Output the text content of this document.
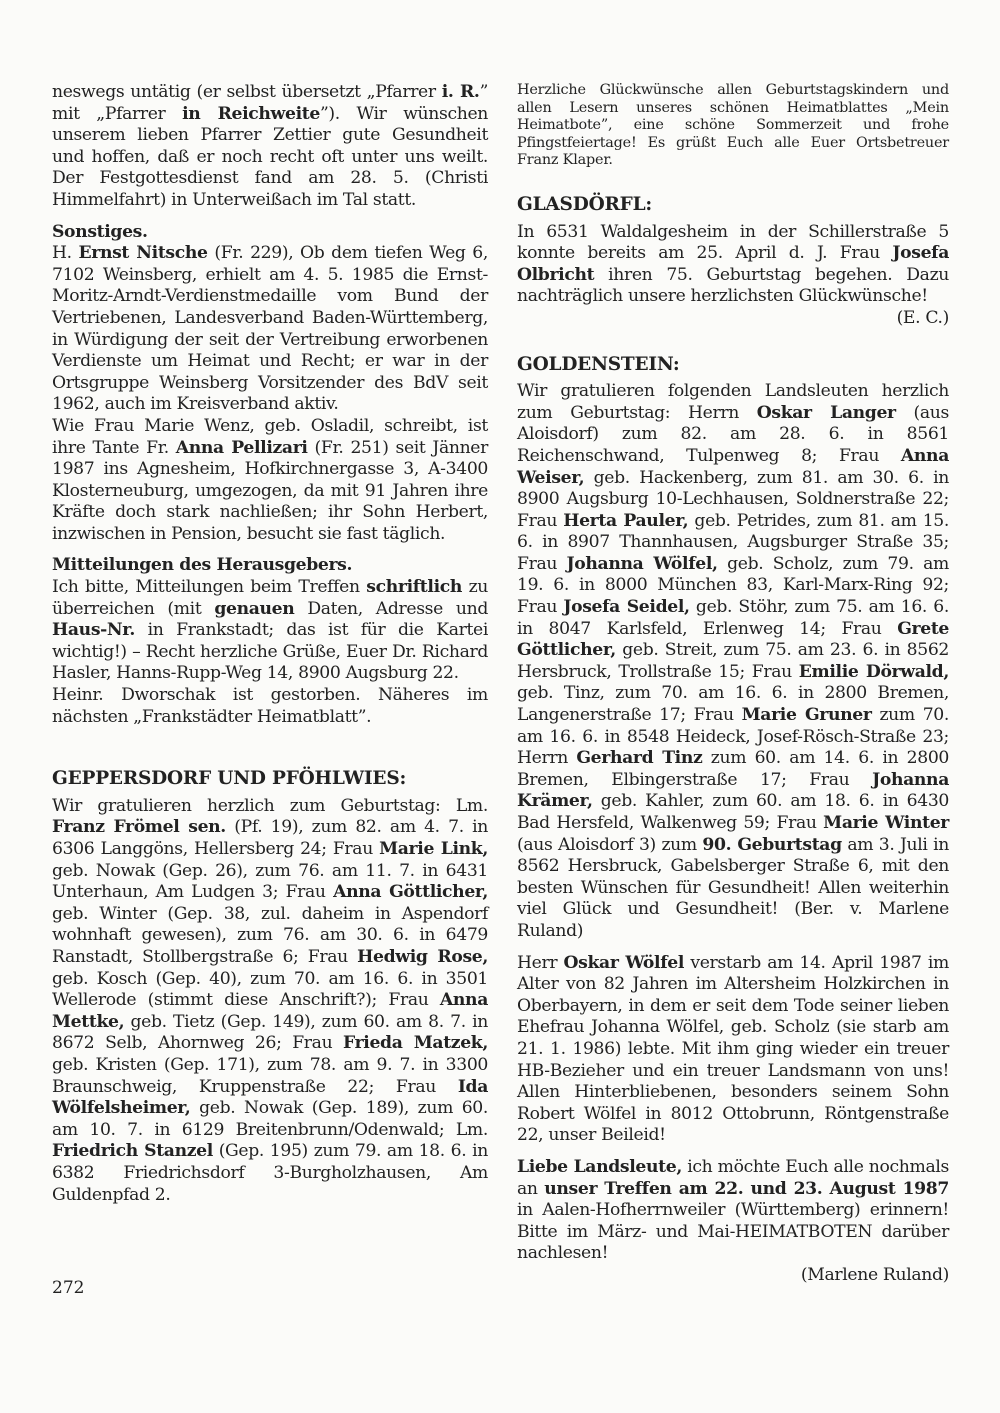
neswegs untätig (er selbst übersetzt „Pfarrer i. R.” mit „Pfarrer in Reichweite”). Wir wünschen unserem lieben Pfarrer Zettier gute Gesundheit und hoffen, daß er noch recht oft unter uns weilt. Der Festgottesdienst fand am 28. 5. (Christi Himmelfahrt) in Unterweißach im Tal statt.

Sonstiges.

H. Ernst Nitsche (Fr. 229), Ob dem tiefen Weg 6, 7102 Weinsberg, erhielt am 4. 5. 1985 die Ernst-Moritz-Arndt-Verdienstmedaille vom Bund der Vertriebenen, Landesverband Baden-Württemberg, in Würdigung der seit der Vertreibung erworbenen Verdienste um Heimat und Recht; er war in der Ortsgruppe Weinsberg Vorsitzender des BdV seit 1962, auch im Kreisverband aktiv.

Wie Frau Marie Wenz, geb. Osladil, schreibt, ist ihre Tante Fr. Anna Pellizari (Fr. 251) seit Jänner 1987 ins Agnesheim, Hofkirchnergasse 3, A-3400 Klosterneuburg, umgezogen, da mit 91 Jahren ihre Kräfte doch stark nachließen; ihr Sohn Herbert, inzwischen in Pension, besucht sie fast täglich.

Mitteilungen des Herausgebers.

Ich bitte, Mitteilungen beim Treffen schriftlich zu überreichen (mit genauen Daten, Adresse und Haus-Nr. in Frankstadt; das ist für die Kartei wichtig!) – Recht herzliche Grüße, Euer Dr. Richard Hasler, Hanns-Rupp-Weg 14, 8900 Augsburg 22.

Heinr. Dworschak ist gestorben. Näheres im nächsten „Frankstädter Heimatblatt”.

GEPPERSDORF UND PFÖHLWIES:

Wir gratulieren herzlich zum Geburtstag: Lm. Franz Frömel sen. (Pf. 19), zum 82. am 4. 7. in 6306 Langgöns, Hellersberg 24; Frau Marie Link, geb. Nowak (Gep. 26), zum 76. am 11. 7. in 6431 Unterhaun, Am Ludgen 3; Frau Anna Göttlicher, geb. Winter (Gep. 38, zul. daheim in Aspendorf wohnhaft gewesen), zum 76. am 30. 6. in 6479 Ranstadt, Stollbergstraße 6; Frau Hedwig Rose, geb. Kosch (Gep. 40), zum 70. am 16. 6. in 3501 Wellerode (stimmt diese Anschrift?); Frau Anna Mettke, geb. Tietz (Gep. 149), zum 60. am 8. 7. in 8672 Selb, Ahornweg 26; Frau Frieda Matzek, geb. Kristen (Gep. 171), zum 78. am 9. 7. in 3300 Braunschweig, Kruppenstraße 22; Frau Ida Wölfelsheimer, geb. Nowak (Gep. 189), zum 60. am 10. 7. in 6129 Breitenbrunn/Odenwald; Lm. Friedrich Stanzel (Gep. 195) zum 79. am 18. 6. in 6382 Friedrichsdorf 3-Burgholzhausen, Am Guldenpfad 2.

Herzliche Glückwünsche allen Geburtstagskindern und allen Lesern unseres schönen Heimatblattes „Mein Heimatbote”, eine schöne Sommerzeit und frohe Pfingstfeiertage! Es grüßt Euch alle Euer Ortsbetreuer Franz Klaper.

GLASDÖRFL:

In 6531 Waldalgesheim in der Schillerstraße 5 konnte bereits am 25. April d. J. Frau Josefa Olbricht ihren 75. Geburtstag begehen. Dazu nachträglich unsere herzlichsten Glückwünsche!

(E. C.)

GOLDENSTEIN:

Wir gratulieren folgenden Landsleuten herzlich zum Geburtstag: Herrn Oskar Langer (aus Aloisdorf) zum 82. am 28. 6. in 8561 Reichenschwand, Tulpenweg 8; Frau Anna Weiser, geb. Hackenberg, zum 81. am 30. 6. in 8900 Augsburg 10-Lechhausen, Soldnerstraße 22; Frau Herta Pauler, geb. Petrides, zum 81. am 15. 6. in 8907 Thannhausen, Augsburger Straße 35; Frau Johanna Wölfel, geb. Scholz, zum 79. am 19. 6. in 8000 München 83, Karl-Marx-Ring 92; Frau Josefa Seidel, geb. Stöhr, zum 75. am 16. 6. in 8047 Karlsfeld, Erlenweg 14; Frau Grete Göttlicher, geb. Streit, zum 75. am 23. 6. in 8562 Hersbruck, Trollstraße 15; Frau Emilie Dörwald, geb. Tinz, zum 70. am 16. 6. in 2800 Bremen, Langenerstraße 17; Frau Marie Gruner zum 70. am 16. 6. in 8548 Heideck, Josef-Rösch-Straße 23; Herrn Gerhard Tinz zum 60. am 14. 6. in 2800 Bremen, Elbingerstraße 17; Frau Johanna Krämer, geb. Kahler, zum 60. am 18. 6. in 6430 Bad Hersfeld, Walkenweg 59; Frau Marie Winter (aus Aloisdorf 3) zum 90. Geburtstag am 3. Juli in 8562 Hersbruck, Gabelsberger Straße 6, mit den besten Wünschen für Gesundheit! Allen weiterhin viel Glück und Gesundheit! (Ber. v. Marlene Ruland)

Herr Oskar Wölfel verstarb am 14. April 1987 im Alter von 82 Jahren im Altersheim Holzkirchen in Oberbayern, in dem er seit dem Tode seiner lieben Ehefrau Johanna Wölfel, geb. Scholz (sie starb am 21. 1. 1986) lebte. Mit ihm ging wieder ein treuer HB-Bezieher und ein treuer Landsmann von uns! Allen Hinterbliebenen, besonders seinem Sohn Robert Wölfel in 8012 Ottobrunn, Röntgenstraße 22, unser Beileid!

Liebe Landsleute, ich möchte Euch alle nochmals an unser Treffen am 22. und 23. August 1987 in Aalen-Hofherrnweiler (Württemberg) erinnern! Bitte im März- und Mai-HEIMATBOTEN darüber nachlesen!

(Marlene Ruland)

272
